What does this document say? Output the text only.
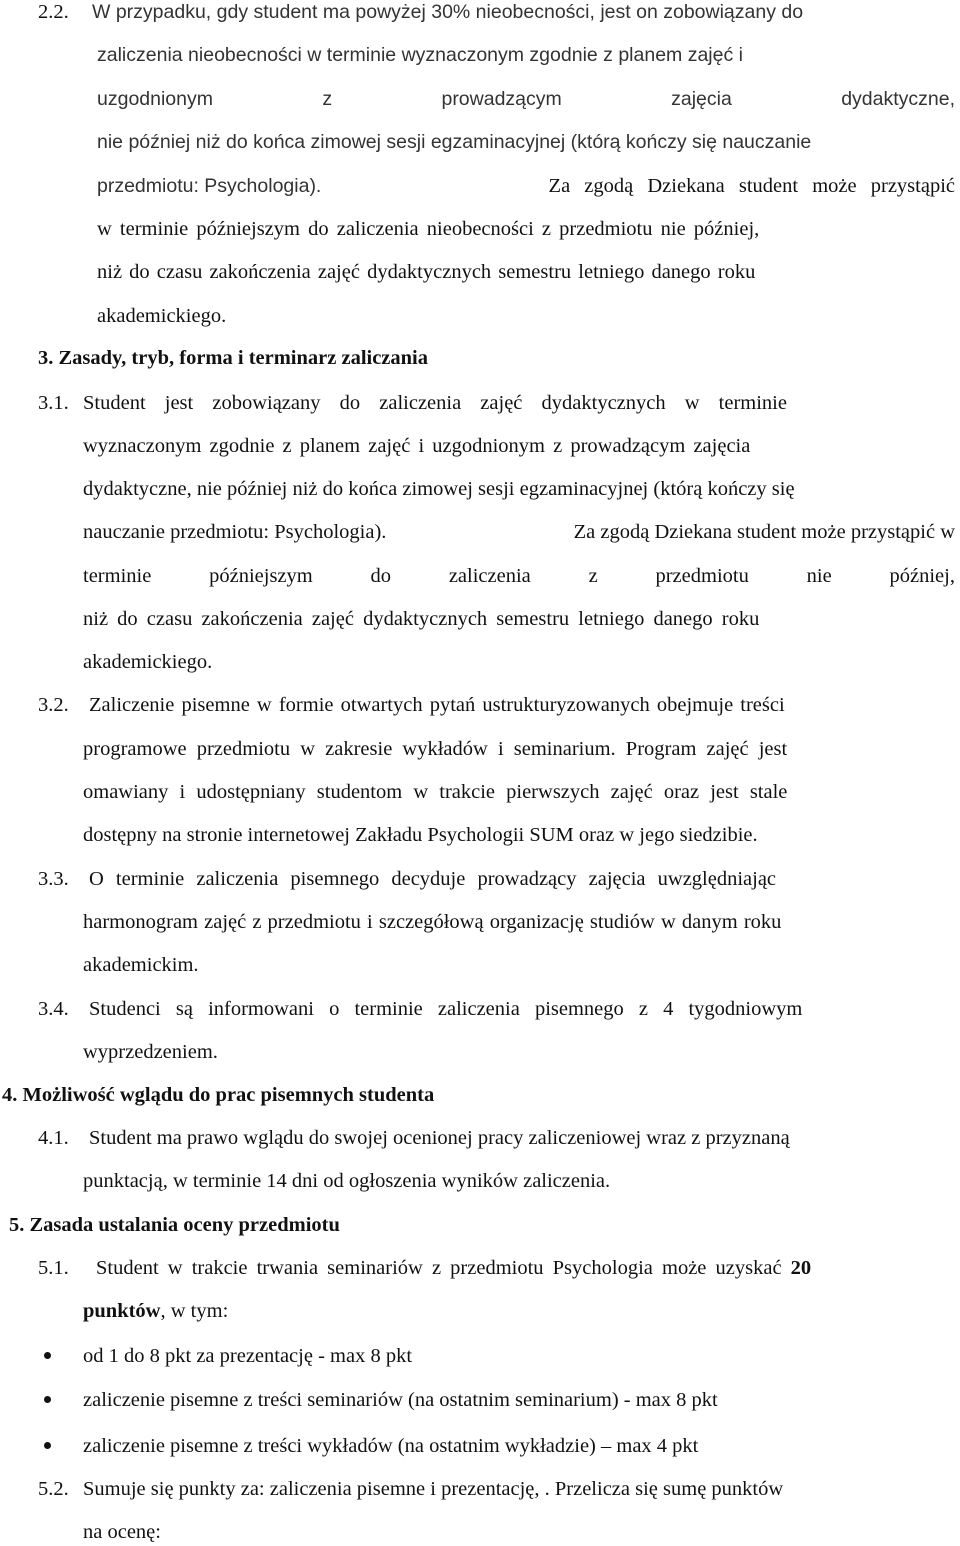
2.2. W przypadku, gdy student ma powyżej 30% nieobecności, jest on zobowiązany do
zaliczenia nieobecności w terminie wyznaczonym zgodnie z planem zajęć i
uzgodnionym	z	prowadzącym	zajęcia	dydaktyczne,
nie później niż do końca zimowej sesji egzaminacyjnej (którą kończy się nauczanie
przedmiotu: Psychologia).	Za zgodą Dziekana student może przystąpić
w terminie późniejszym do zaliczenia nieobecności z przedmiotu nie później,
niż do czasu zakończenia zajęć dydaktycznych semestru letniego danego roku
akademickiego.
3. Zasady, tryb, forma i terminarz zaliczania
3.1. Student jest zobowiązany do zaliczenia zajęć dydaktycznych w terminie
wyznaczonym zgodnie z planem zajęć i uzgodnionym z prowadzącym zajęcia
dydaktyczne, nie później niż do końca zimowej sesji egzaminacyjnej (którą kończy się
nauczanie przedmiotu: Psychologia).	Za zgodą Dziekana student może przystąpić w
terminie	późniejszym	do	zaliczenia	z	przedmiotu	nie	później,
niż do czasu zakończenia zajęć dydaktycznych semestru letniego danego roku
akademickiego.
3.2. Zaliczenie pisemne w formie otwartych pytań ustrukturyzowanych obejmuje treści
programowe przedmiotu w zakresie wykładów i seminarium. Program zajęć jest
omawiany i udostępniany studentom w trakcie pierwszych zajęć oraz jest stale
dostępny na stronie internetowej Zakładu Psychologii SUM oraz w jego siedzibie.
3.3. O terminie zaliczenia pisemnego decyduje prowadzący zajęcia uwzględniając
harmonogram zajęć z przedmiotu i szczegółową organizację studiów w danym roku
akademickim.
3.4. Studenci są informowani o terminie zaliczenia pisemnego z 4 tygodniowym
wyprzedzeniem.
4. Możliwość wglądu do prac pisemnych studenta
4.1. Student ma prawo wglądu do swojej ocenionej pracy zaliczeniowej wraz z przyznaną
punktacją, w terminie 14 dni od ogłoszenia wyników zaliczenia.
5. Zasada ustalania oceny przedmiotu
5.1. Student w trakcie trwania seminariów z przedmiotu Psychologia może uzyskać 20
punktów, w tym:
od 1 do 8 pkt za prezentację - max 8 pkt
zaliczenie pisemne z treści seminariów (na ostatnim seminarium) - max 8 pkt
zaliczenie pisemne z treści wykładów (na ostatnim wykładzie) – max 4 pkt
5.2. Sumuje się punkty za: zaliczenia pisemne i prezentację, . Przelicza się sumę punktów
na ocenę:
